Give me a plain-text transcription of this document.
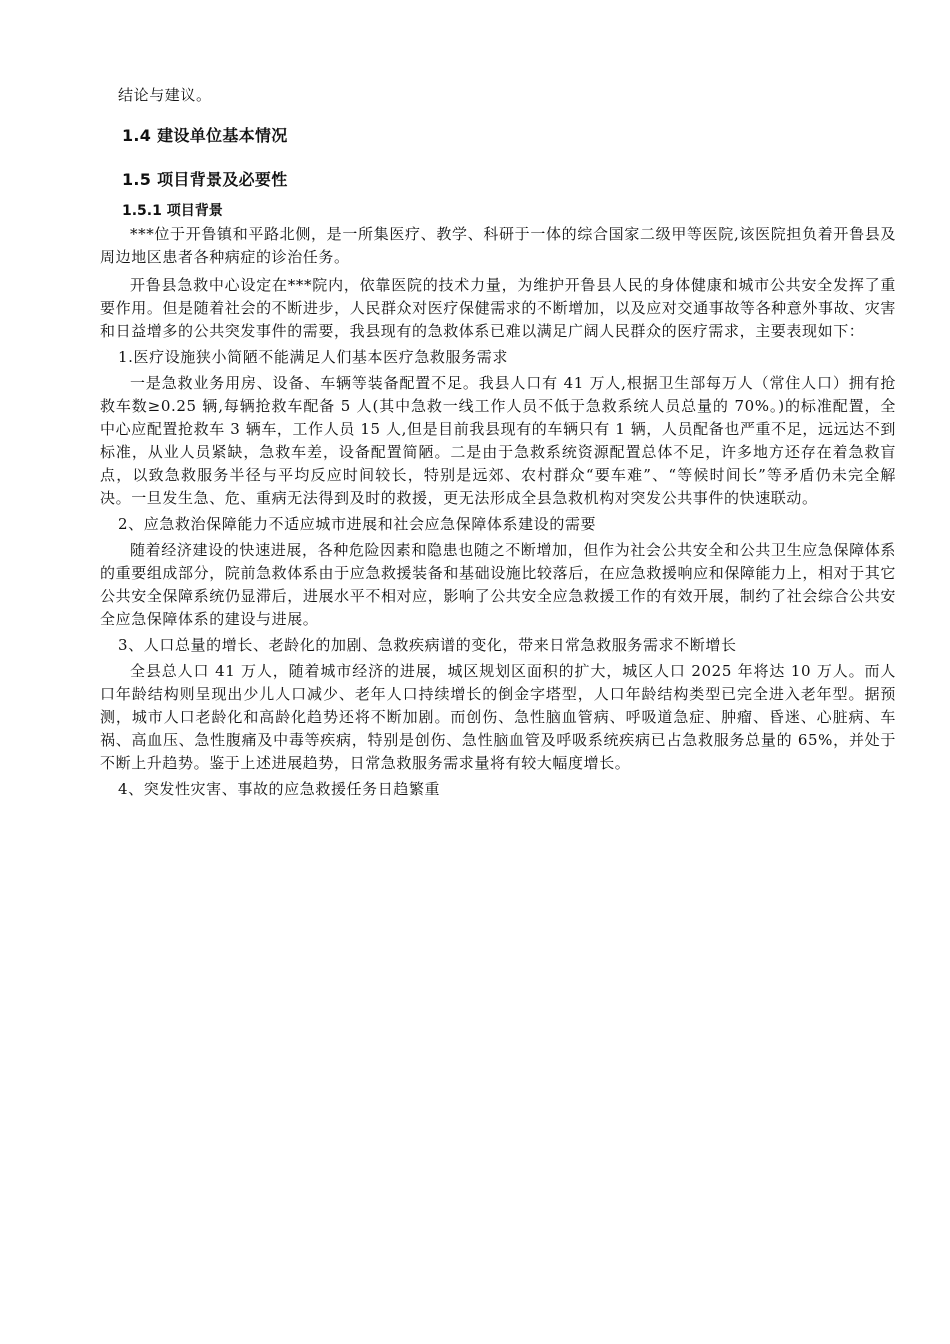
结论与建议。

1.4 建设单位基本情况
1.5 项目背景及必要性
1.5.1 项目背景

***位于开鲁镇和平路北侧，是一所集医疗、教学、科研于一体的综合国家二级甲等医院,该医院担负着开鲁县及周边地区患者各种病症的诊治任务。

开鲁县急救中心设定在***院内，依靠医院的技术力量，为维护开鲁县人民的身体健康和城市公共安全发挥了重要作用。但是随着社会的不断进步，人民群众对医疗保健需求的不断增加，以及应对交通事故等各种意外事故、灾害和日益增多的公共突发事件的需要，我县现有的急救体系已难以满足广阔人民群众的医疗需求，主要表现如下：

1.医疗设施狭小简陋不能满足人们基本医疗急救服务需求

一是急救业务用房、设备、车辆等装备配置不足。我县人口有 41 万人,根据卫生部每万人（常住人口）拥有抢救车数≥0.25 辆,每辆抢救车配备 5 人(其中急救一线工作人员不低于急救系统人员总量的 70%。)的标准配置，全中心应配置抢救车 3 辆车，工作人员 15 人,但是目前我县现有的车辆只有 1 辆，人员配备也严重不足，远远达不到标准，从业人员紧缺，急救车差，设备配置简陋。二是由于急救系统资源配置总体不足，许多地方还存在着急救盲点，以致急救服务半径与平均反应时间较长，特别是远郊、农村群众“要车难”、“等候时间长”等矛盾仍未完全解决。一旦发生急、危、重病无法得到及时的救援，更无法形成全县急救机构对突发公共事件的快速联动。

2、应急救治保障能力不适应城市进展和社会应急保障体系建设的需要

随着经济建设的快速进展，各种危险因素和隐患也随之不断增加，但作为社会公共安全和公共卫生应急保障体系的重要组成部分，院前急救体系由于应急救援装备和基础设施比较落后，在应急救援响应和保障能力上，相对于其它公共安全保障系统仍显滞后，进展水平不相对应，影响了公共安全应急救援工作的有效开展，制约了社会综合公共安全应急保障体系的建设与进展。

3、人口总量的增长、老龄化的加剧、急救疾病谱的变化，带来日常急救服务需求不断增长

全县总人口 41 万人，随着城市经济的进展，城区规划区面积的扩大，城区人口 2025 年将达 10 万人。而人口年龄结构则呈现出少儿人口减少、老年人口持续增长的倒金字塔型，人口年龄结构类型已完全进入老年型。据预测，城市人口老龄化和高龄化趋势还将不断加剧。而创伤、急性脑血管病、呼吸道急症、肿瘤、昏迷、心脏病、车祸、高血压、急性腹痛及中毒等疾病，特别是创伤、急性脑血管及呼吸系统疾病已占急救服务总量的 65%，并处于不断上升趋势。鉴于上述进展趋势，日常急救服务需求量将有较大幅度增长。

4、突发性灾害、事故的应急救援任务日趋繁重
